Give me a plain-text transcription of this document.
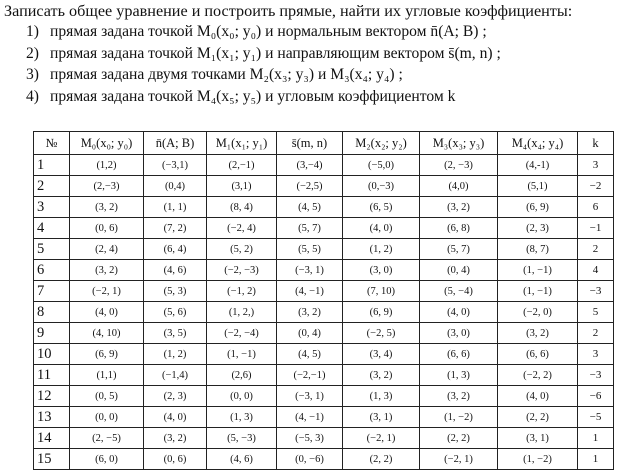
Записать общее уравнение и построить прямые, найти их угловые коэффициенты:

1) прямая задана точкой M₀(x₀; y₀) и нормальным вектором n̄(A; B) ;
2) прямая задана точкой M₁(x₁; y₁) и направляющим вектором s̄(m, n) ;
3) прямая задана двумя точками M₂(x₃; y₃) и M₃(x₄; y₄) ;
4) прямая задана точкой M₄(x₅; y₅) и угловым коэффициентом k
№	M₀(x₀; y₀)	n̄(A; B)	M₁(x₁; y₁)	s̄(m, n)	M₂(x₂; y₂)	M₃(x₃; y₃)	M₄(x₄; y₄)	k
1	(1,2)	(−3,1)	(2,−1)	(3,−4)	(−5,0)	(2, −3)	(4,-1)	3
2	(2,−3)	(0,4)	(3,1)	(−2,5)	(0,−3)	(4,0)	(5,1)	−2
3	(3, 2)	(1, 1)	(8, 4)	(4, 5)	(6, 5)	(3, 2)	(6, 9)	6
4	(0, 6)	(7, 2)	(−2, 4)	(5, 7)	(4, 0)	(6, 8)	(2, 3)	−1
5	(2, 4)	(6, 4)	(5, 2)	(5, 5)	(1, 2)	(5, 7)	(8, 7)	2
6	(3, 2)	(4, 6)	(−2, −3)	(−3, 1)	(3, 0)	(0, 4)	(1, −1)	4
7	(−2, 1)	(5, 3)	(−1, 2)	(4, −1)	(7, 10)	(5, −4)	(1, −1)	−3
8	(4, 0)	(5, 6)	(1, 2,)	(3, 2)	(6, 9)	(4, 0)	(−2, 0)	5
9	(4, 10)	(3, 5)	(−2, −4)	(0, 4)	(−2, 5)	(3, 0)	(3, 2)	2
10	(6, 9)	(1, 2)	(1, −1)	(4, 5)	(3, 4)	(6, 6)	(6, 6)	3
11	(1,1)	(−1,4)	(2,6)	(−2,−1)	(3, 2)	(1, 3)	(−2, 2)	−3
12	(0, 5)	(2, 3)	(0, 0)	(−3, 1)	(1, 3)	(3, 2)	(4, 0)	−6
13	(0, 0)	(4, 0)	(1, 3)	(4, −1)	(3, 1)	(1, −2)	(2, 2)	−5
14	(2, −5)	(3, 2)	(5, −3)	(−5, 3)	(−2, 1)	(2, 2)	(3, 1)	1
15	(6, 0)	(0, 6)	(4, 6)	(0, −6)	(2, 2)	(−2, 1)	(1, −2)	1
